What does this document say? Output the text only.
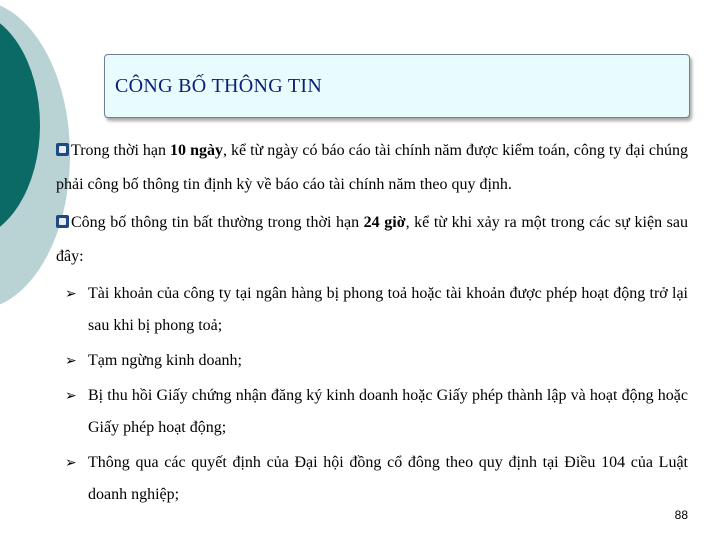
CÔNG BỐ THÔNG TIN

Trong thời hạn 10 ngày, kể từ ngày có báo cáo tài chính năm được kiểm toán, công ty đại chúng phải công bố thông tin định kỳ về báo cáo tài chính năm theo quy định.

Công bố thông tin bất thường trong thời hạn 24 giờ, kể từ khi xảy ra một trong các sự kiện sau đây:

➢ Tài khoản của công ty tại ngân hàng bị phong toả hoặc tài khoản được phép hoạt động trở lại sau khi bị phong toả;

➢ Tạm ngừng kinh doanh;

➢ Bị thu hồi Giấy chứng nhận đăng ký kinh doanh hoặc Giấy phép thành lập và hoạt động hoặc Giấy phép hoạt động;

➢ Thông qua các quyết định của Đại hội đồng cổ đông theo quy định tại Điều 104 của Luật doanh nghiệp;

88
